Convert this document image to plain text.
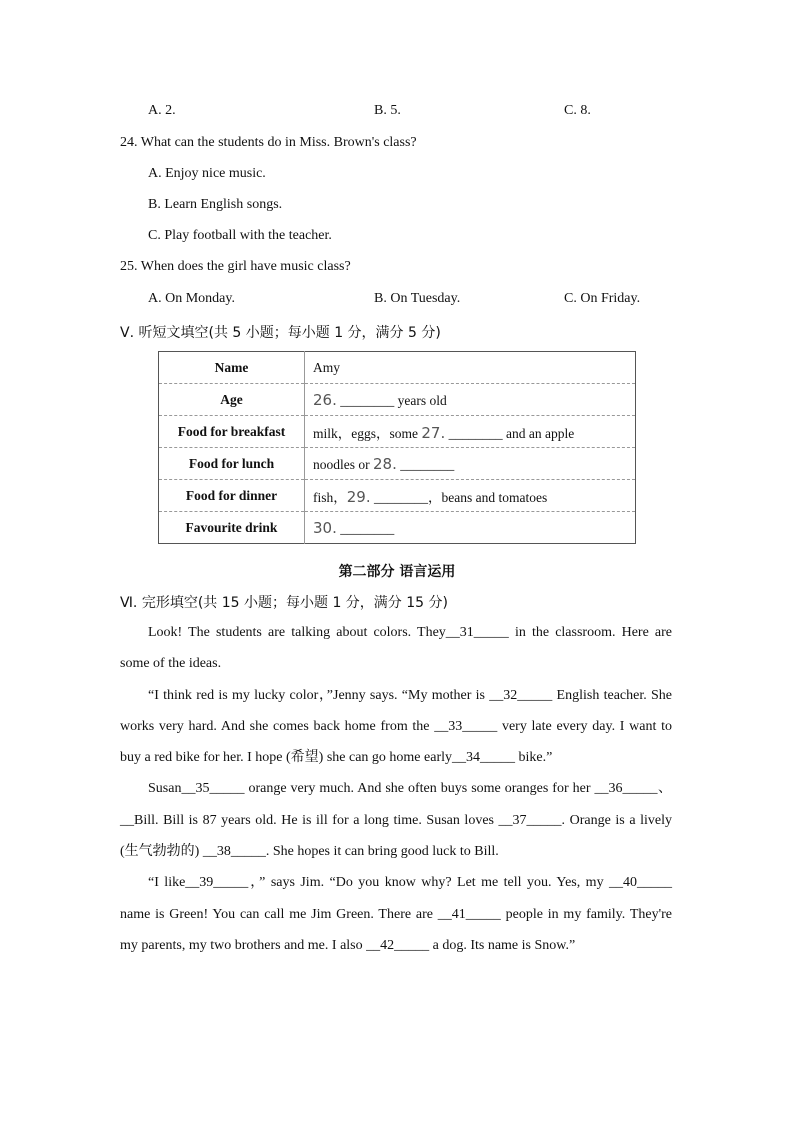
A. 2.	B. 5.	C. 8.
24. What can the students do in Miss. Brown's class?
A. Enjoy nice music.
B. Learn English songs.
C. Play football with the teacher.
25. When does the girl have music class?
A. On Monday.	B. On Tuesday.	C. On Friday.
Ⅴ. 听短文填空(共 5 小题；每小题 1 分，满分 5 分)
Name	Amy
Age	26. ________ years old
Food for breakfast	milk，eggs，some 27. ________ and an apple
Food for lunch	noodles or 28. ________
Food for dinner	fish，29. ________，beans and tomatoes
Favourite drink	30. ________
第二部分 语言运用
Ⅵ. 完形填空(共 15 小题；每小题 1 分，满分 15 分)

Look! The students are talking about colors. They__31_____ in the classroom. Here are some of the ideas.

“I think red is my lucky color，”Jenny says. “My mother is __32_____ English teacher. She works very hard. And she comes back home from the __33_____ very late every day. I want to buy a red bike for her. I hope (希望) she can go home early__34_____ bike.”

Susan__35_____ orange very much. And she often buys some oranges for her __36_____、__Bill. Bill is 87 years old. He is ill for a long time. Susan loves __37_____. Orange is a lively (生气勃勃的) __38_____. She hopes it can bring good luck to Bill.

“I like__39_____，” says Jim. “Do you know why? Let me tell you. Yes, my __40_____ name is Green! You can call me Jim Green. There are __41_____ people in my family. They're my parents, my two brothers and me. I also __42_____ a dog. Its name is Snow.”
